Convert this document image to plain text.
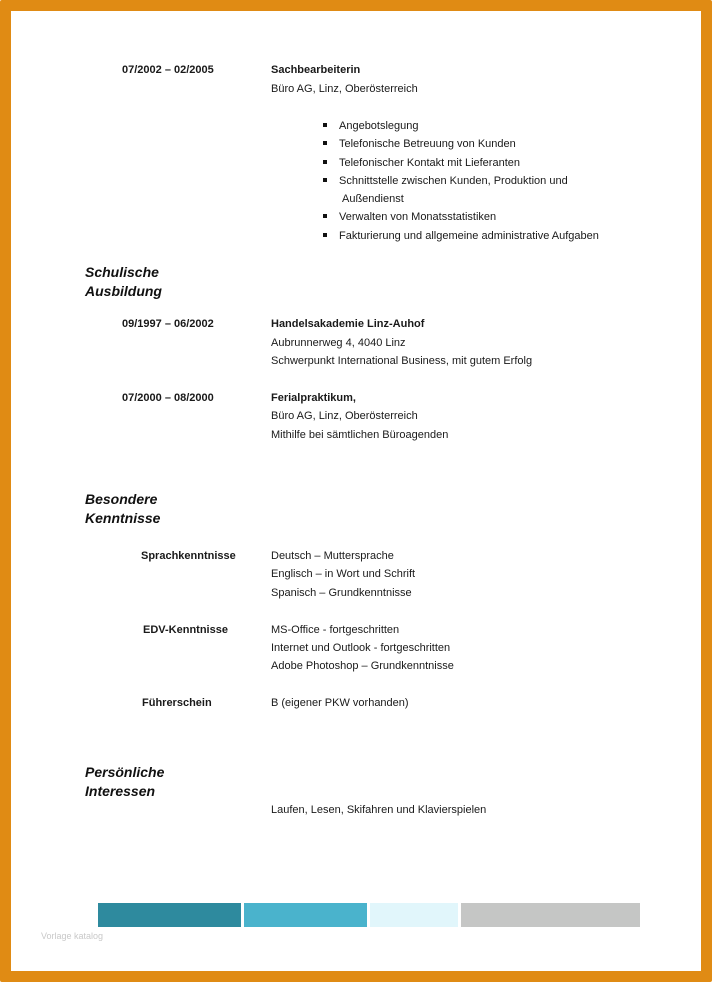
07/2002 – 02/2005	Sachbearbeiterin
Büro AG, Linz, Oberösterreich
Angebotslegung
Telefonische Betreuung von Kunden
Telefonischer Kontakt mit Lieferanten
Schnittstelle zwischen Kunden, Produktion und
Außendienst
Verwalten von Monatsstatistiken
Fakturierung und allgemeine administrative Aufgaben
Schulische
Ausbildung
09/1997 – 06/2002	Handelsakademie Linz-Auhof
Aubrunnerweg 4, 4040 Linz
Schwerpunkt International Business, mit gutem Erfolg
07/2000 – 08/2000	Ferialpraktikum,
Büro AG, Linz, Oberösterreich
Mithilfe bei sämtlichen Büroagenden
Besondere
Kenntnisse
Sprachkenntnisse	Deutsch – Muttersprache
Englisch – in Wort und Schrift
Spanisch – Grundkenntnisse
EDV-Kenntnisse	MS-Office - fortgeschritten
Internet und Outlook - fortgeschritten
Adobe Photoshop – Grundkenntnisse
Führerschein	B (eigener PKW vorhanden)
Persönliche
Interessen
Laufen, Lesen, Skifahren und Klavierspielen
Vorlage katalog
